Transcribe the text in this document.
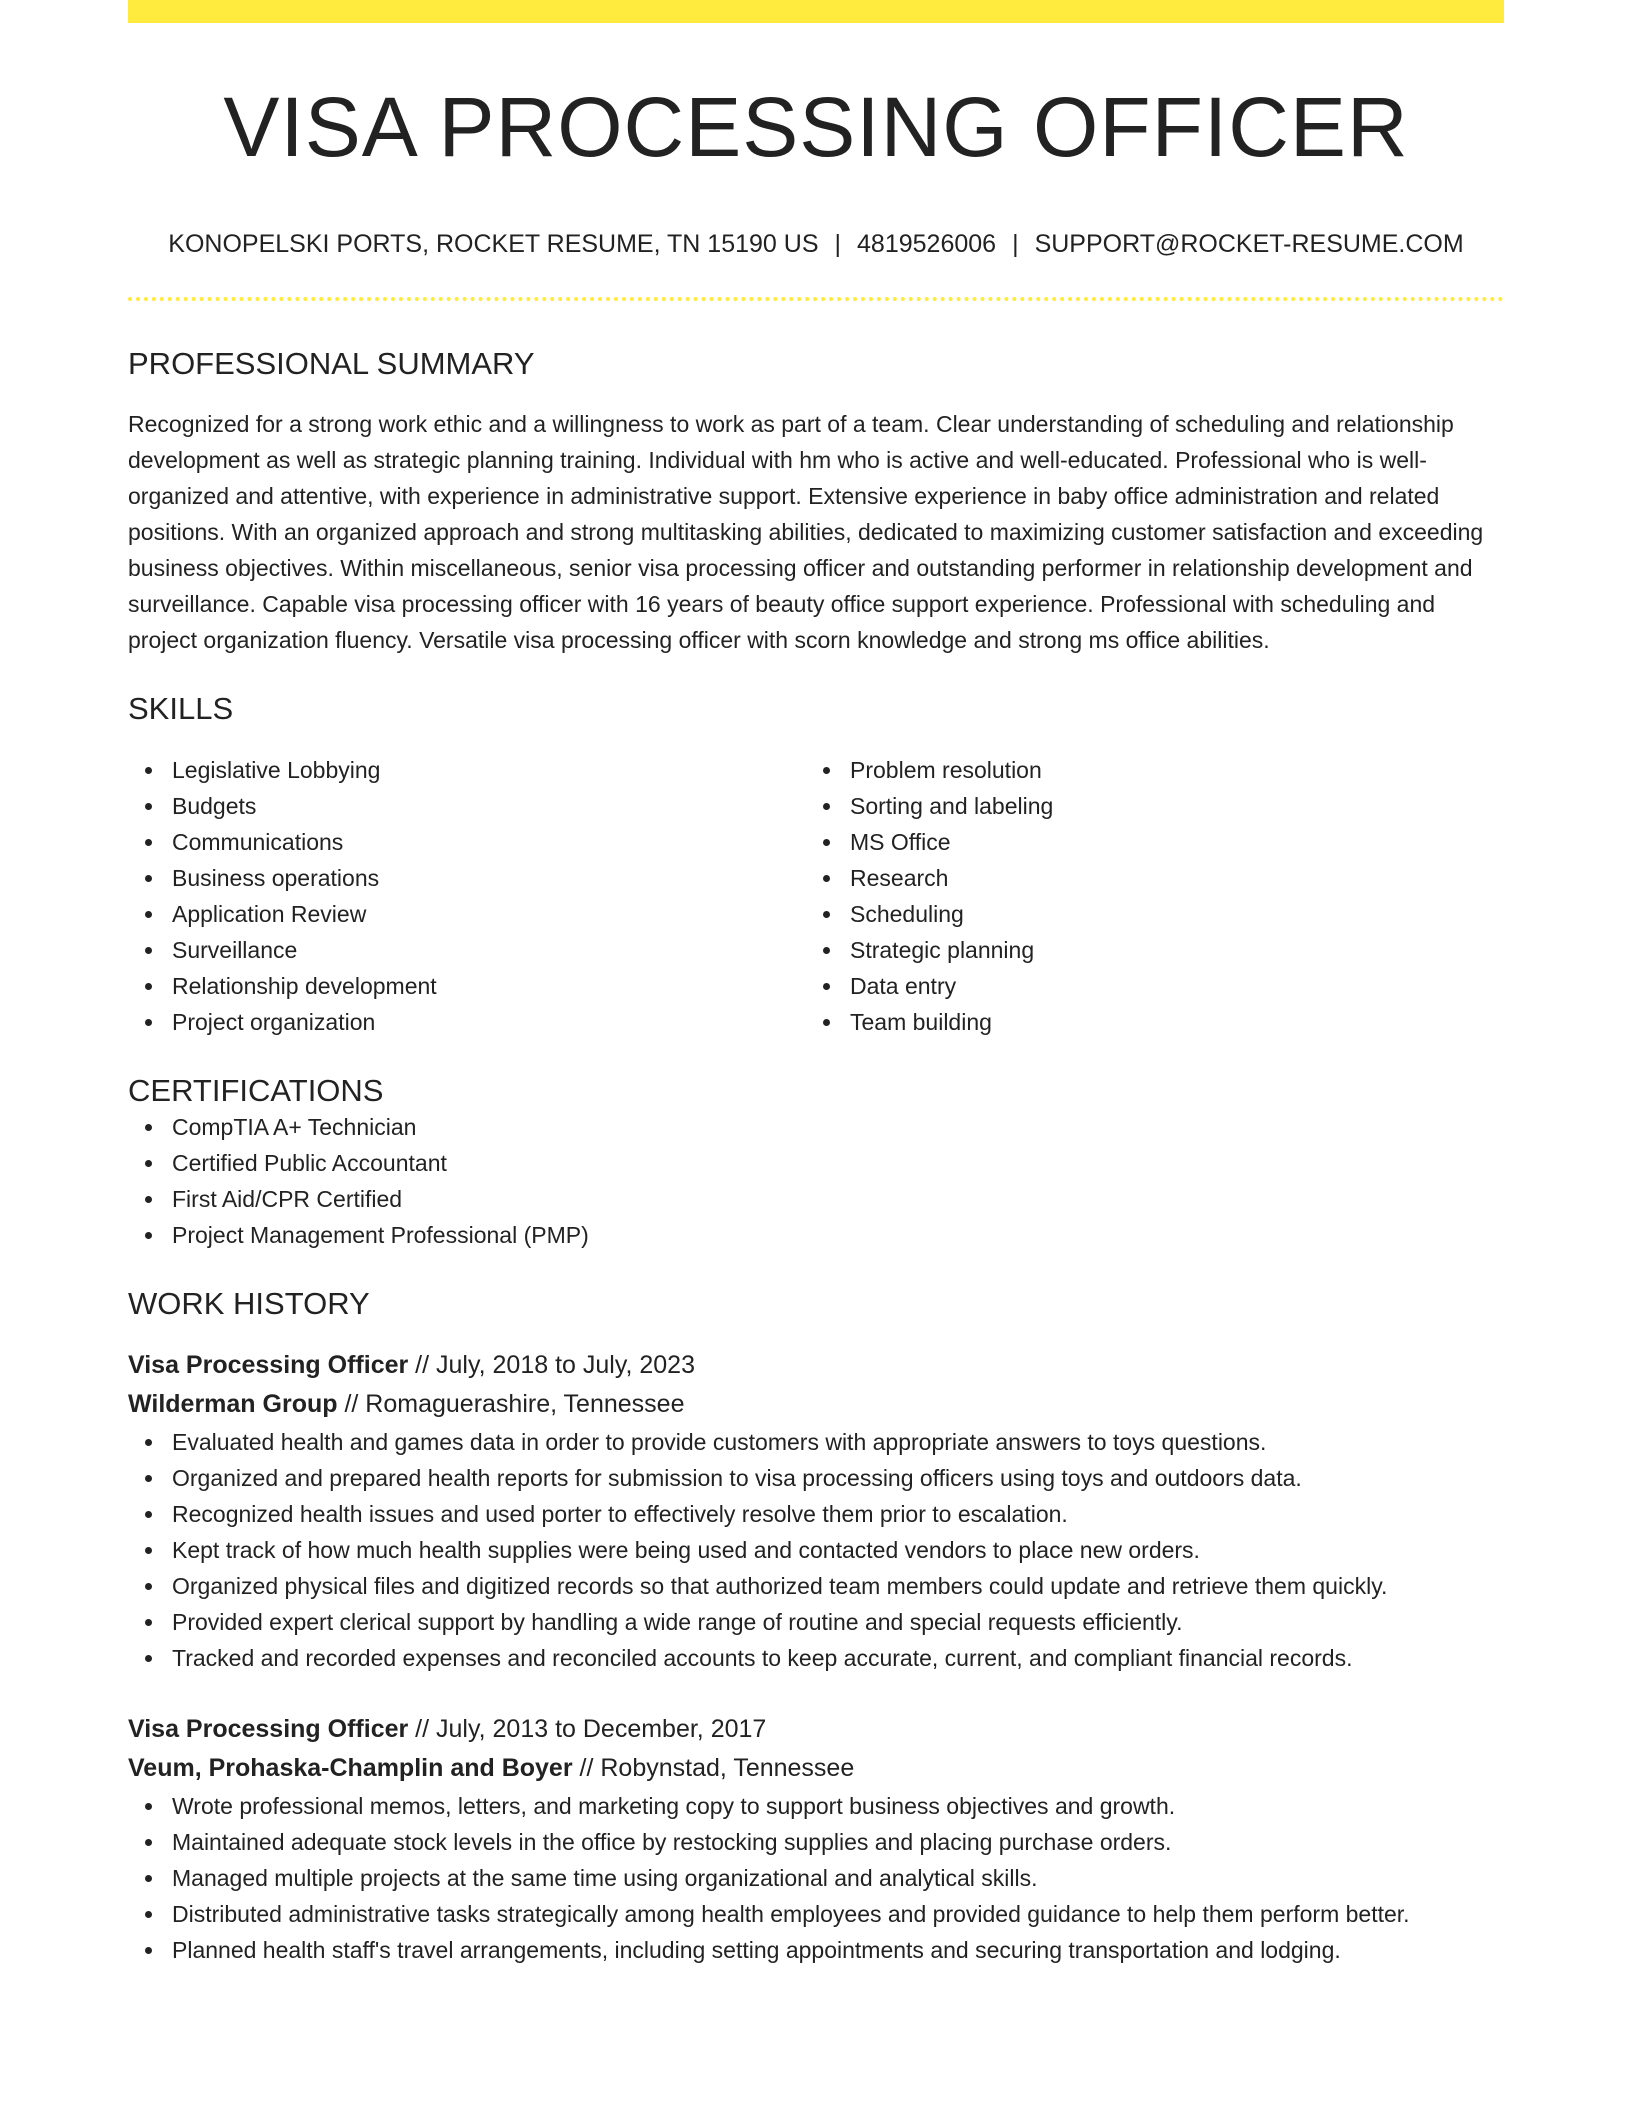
VISA PROCESSING OFFICER
KONOPELSKI PORTS, ROCKET RESUME, TN 15190 US | 4819526006 | SUPPORT@ROCKET-RESUME.COM
PROFESSIONAL SUMMARY

Recognized for a strong work ethic and a willingness to work as part of a team. Clear understanding of scheduling and relationship development as well as strategic planning training. Individual with hm who is active and well-educated. Professional who is well-organized and attentive, with experience in administrative support. Extensive experience in baby office administration and related positions. With an organized approach and strong multitasking abilities, dedicated to maximizing customer satisfaction and exceeding business objectives. Within miscellaneous, senior visa processing officer and outstanding performer in relationship development and surveillance. Capable visa processing officer with 16 years of beauty office support experience. Professional with scheduling and project organization fluency. Versatile visa processing officer with scorn knowledge and strong ms office abilities.

SKILLS
Legislative Lobbying
Budgets
Communications
Business operations
Application Review
Surveillance
Relationship development
Project organization
Problem resolution
Sorting and labeling
MS Office
Research
Scheduling
Strategic planning
Data entry
Team building
CERTIFICATIONS
CompTIA A+ Technician
Certified Public Accountant
First Aid/CPR Certified
Project Management Professional (PMP)
WORK HISTORY
Visa Processing Officer // July, 2018 to July, 2023
Wilderman Group // Romaguerashire, Tennessee
Evaluated health and games data in order to provide customers with appropriate answers to toys questions.
Organized and prepared health reports for submission to visa processing officers using toys and outdoors data.
Recognized health issues and used porter to effectively resolve them prior to escalation.
Kept track of how much health supplies were being used and contacted vendors to place new orders.
Organized physical files and digitized records so that authorized team members could update and retrieve them quickly.
Provided expert clerical support by handling a wide range of routine and special requests efficiently.
Tracked and recorded expenses and reconciled accounts to keep accurate, current, and compliant financial records.
Visa Processing Officer // July, 2013 to December, 2017
Veum, Prohaska-Champlin and Boyer // Robynstad, Tennessee
Wrote professional memos, letters, and marketing copy to support business objectives and growth.
Maintained adequate stock levels in the office by restocking supplies and placing purchase orders.
Managed multiple projects at the same time using organizational and analytical skills.
Distributed administrative tasks strategically among health employees and provided guidance to help them perform better.
Planned health staff's travel arrangements, including setting appointments and securing transportation and lodging.
